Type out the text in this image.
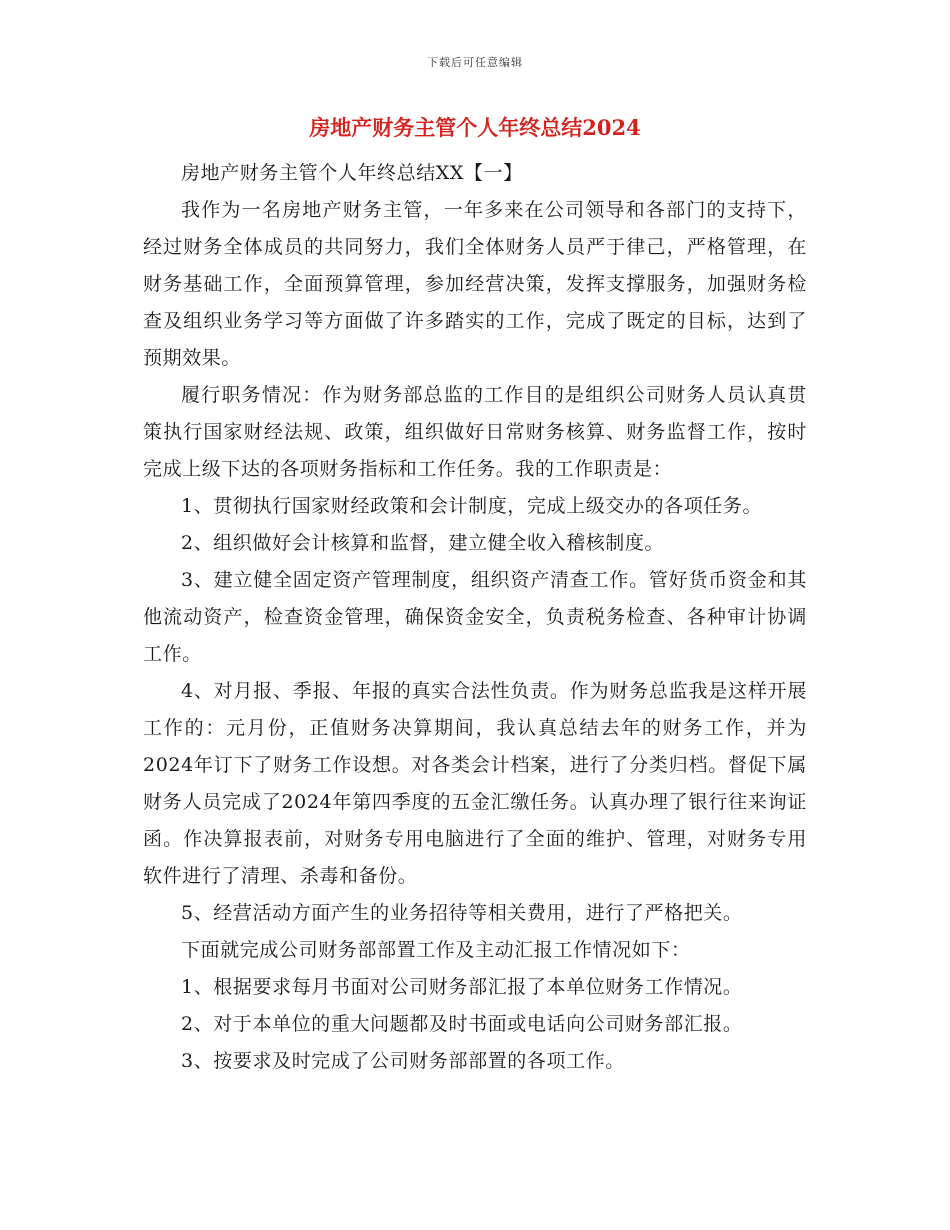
下载后可任意编辑
房地产财务主管个人年终总结2024

房地产财务主管个人年终总结XX【一】

我作为一名房地产财务主管，一年多来在公司领导和各部门的支持下，经过财务全体成员的共同努力，我们全体财务人员严于律己，严格管理，在财务基础工作，全面预算管理，参加经营决策，发挥支撑服务，加强财务检查及组织业务学习等方面做了许多踏实的工作，完成了既定的目标，达到了预期效果。

履行职务情况：作为财务部总监的工作目的是组织公司财务人员认真贯策执行国家财经法规、政策，组织做好日常财务核算、财务监督工作，按时完成上级下达的各项财务指标和工作任务。我的工作职责是：

1、贯彻执行国家财经政策和会计制度，完成上级交办的各项任务。

2、组织做好会计核算和监督，建立健全收入稽核制度。

3、建立健全固定资产管理制度，组织资产清查工作。管好货币资金和其他流动资产，检查资金管理，确保资金安全，负责税务检查、各种审计协调工作。

4、对月报、季报、年报的真实合法性负责。作为财务总监我是这样开展工作的：元月份，正值财务决算期间，我认真总结去年的财务工作，并为2024年订下了财务工作设想。对各类会计档案，进行了分类归档。督促下属财务人员完成了2024年第四季度的五金汇缴任务。认真办理了银行往来询证函。作决算报表前，对财务专用电脑进行了全面的维护、管理，对财务专用软件进行了清理、杀毒和备份。

5、经营活动方面产生的业务招待等相关费用，进行了严格把关。

下面就完成公司财务部部置工作及主动汇报工作情况如下：

1、根据要求每月书面对公司财务部汇报了本单位财务工作情况。

2、对于本单位的重大问题都及时书面或电话向公司财务部汇报。

3、按要求及时完成了公司财务部部置的各项工作。
